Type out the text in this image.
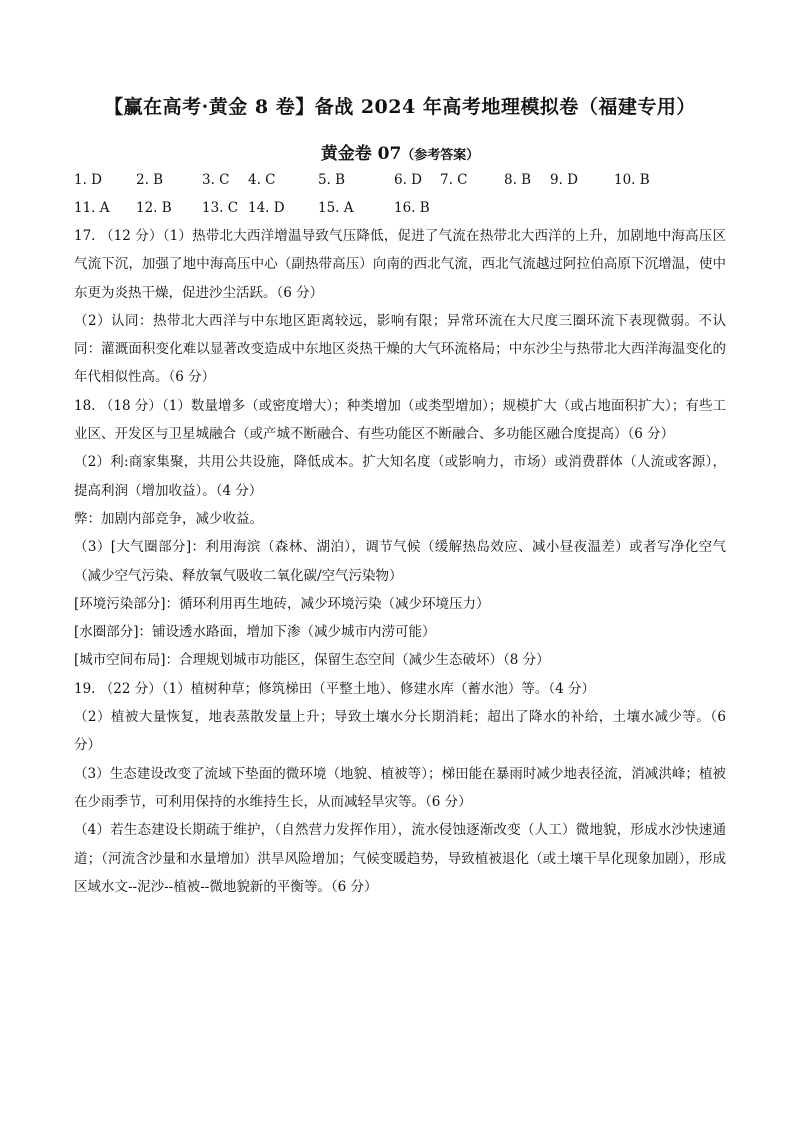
【赢在高考·黄金 8 卷】备战 2024 年高考地理模拟卷（福建专用）
黄金卷 07（参考答案）
1. D	2. B	3. C	4. C	5. B	6. D	7. C	8. B	9. D	10. B
11. A	12. B	13. C 14. D	15. A	16. B

17. （12 分）（1）热带北大西洋增温导致气压降低，促进了气流在热带北大西洋的上升，加剧地中海高压区气流下沉，加强了地中海高压中心（副热带高压）向南的西北气流，西北气流越过阿拉伯高原下沉增温，使中东更为炎热干燥，促进沙尘活跃。（6 分）

（2）认同：热带北大西洋与中东地区距离较远，影响有限；异常环流在大尺度三圈环流下表现微弱。不认同：灌溉面积变化难以显著改变造成中东地区炎热干燥的大气环流格局；中东沙尘与热带北大西洋海温变化的年代相似性高。（6 分）

18. （18 分）（1）数量增多（或密度增大）；种类增加（或类型增加）；规模扩大（或占地面积扩大）；有些工业区、开发区与卫星城融合（或产城不断融合、有些功能区不断融合、多功能区融合度提高）（6 分）

（2）利:商家集聚，共用公共设施，降低成本。扩大知名度（或影响力，市场）或消费群体（人流或客源），提高利润（增加收益）。（4 分）

弊：加剧内部竞争，减少收益。

（3）[大气圈部分]：利用海滨（森林、湖泊），调节气候（缓解热岛效应、减小昼夜温差）或者写净化空气（减少空气污染、释放氧气吸收二氧化碳/空气污染物）

[环境污染部分]：循环利用再生地砖，减少环境污染（减少环境压力）

[水圈部分]：铺设透水路面，增加下渗（减少城市内涝可能）

[城市空间布局]：合理规划城市功能区，保留生态空间（减少生态破坏）（8 分）

19. （22 分）（1）植树种草；修筑梯田（平整土地）、修建水库（蓄水池）等。（4 分）

（2）植被大量恢复，地表蒸散发量上升；导致土壤水分长期消耗；超出了降水的补给，土壤水减少等。（6 分）

（3）生态建设改变了流域下垫面的微环境（地貌、植被等）；梯田能在暴雨时减少地表径流，消减洪峰；植被在少雨季节，可利用保持的水维持生长，从而减轻旱灾等。（6 分）

（4）若生态建设长期疏于维护，（自然营力发挥作用），流水侵蚀逐渐改变（人工）微地貌，形成水沙快速通道；（河流含沙量和水量增加）洪旱风险增加；气候变暖趋势，导致植被退化（或土壤干旱化现象加剧），形成区域水文--泥沙--植被--微地貌新的平衡等。（6 分）
